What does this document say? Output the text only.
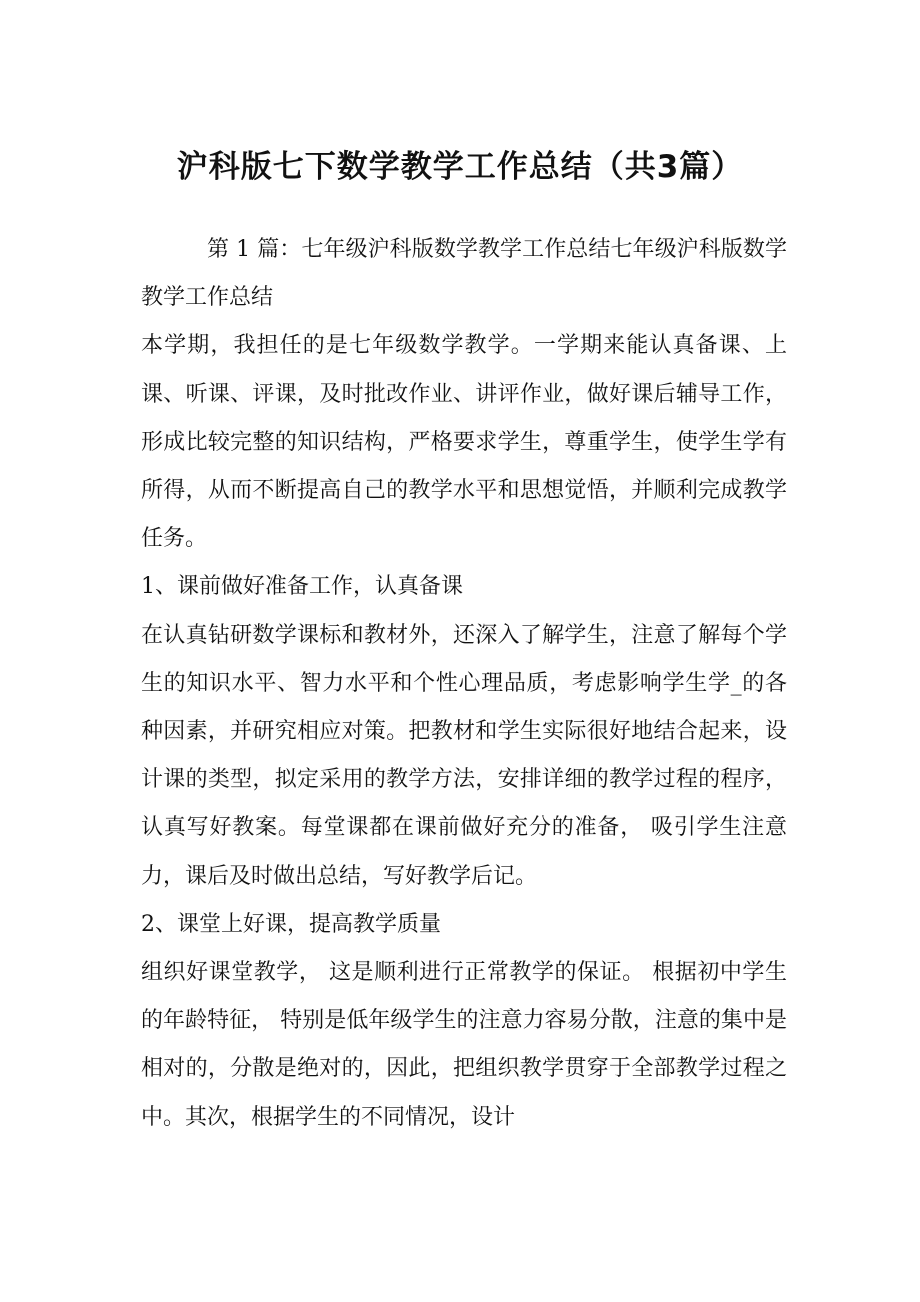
沪科版七下数学教学工作总结（共3篇）

第 1 篇：七年级沪科版数学教学工作总结七年级沪科版数学教学工作总结

本学期，我担任的是七年级数学教学。一学期来能认真备课、上课、听课、评课，及时批改作业、讲评作业，做好课后辅导工作，形成比较完整的知识结构，严格要求学生，尊重学生，使学生学有所得，从而不断提高自己的教学水平和思想觉悟，并顺利完成教学任务。

1、课前做好准备工作，认真备课

在认真钻研数学课标和教材外，还深入了解学生，注意了解每个学生的知识水平、智力水平和个性心理品质，考虑影响学生学_的各种因素，并研究相应对策。把教材和学生实际很好地结合起来，设计课的类型，拟定采用的教学方法，安排详细的教学过程的程序，认真写好教案。每堂课都在课前做好充分的准备， 吸引学生注意力，课后及时做出总结，写好教学后记。

2、课堂上好课，提高教学质量

组织好课堂教学， 这是顺利进行正常教学的保证。 根据初中学生的年龄特征， 特别是低年级学生的注意力容易分散，注意的集中是相对的，分散是绝对的，因此，把组织教学贯穿于全部教学过程之中。其次，根据学生的不同情况，设计
